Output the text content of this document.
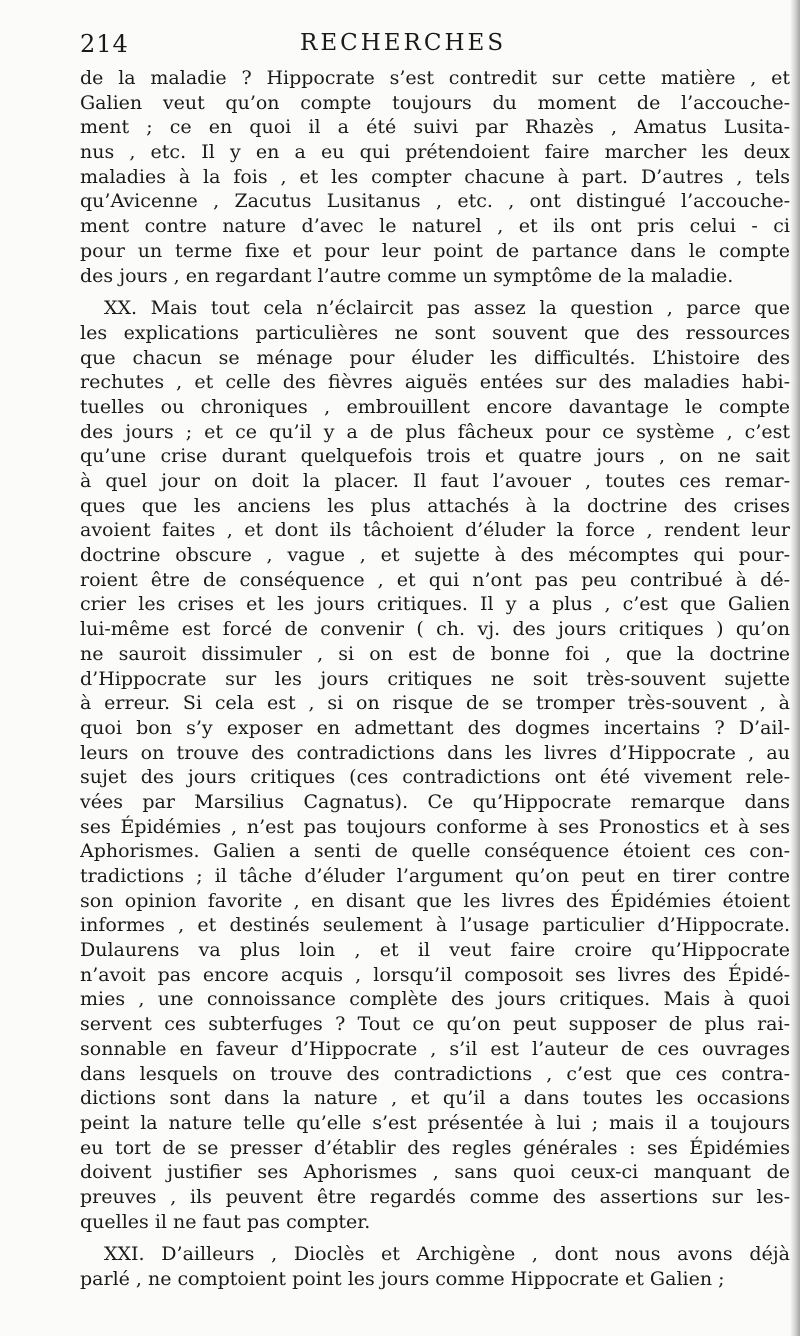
214	RECHERCHES
de la maladie ? Hippocrate s’est contredit sur cette matière , et
Galien veut qu’on compte toujours du moment de l’accouche-
ment ; ce en quoi il a été suivi par Rhazès , Amatus Lusita-
nus , etc. Il y en a eu qui prétendoient faire marcher les deux
maladies à la fois , et les compter chacune à part. D’autres , tels
qu’Avicenne , Zacutus Lusitanus , etc. , ont distingué l’accouche-
ment contre nature d’avec le naturel , et ils ont pris celui - ci
pour un terme fixe et pour leur point de partance dans le compte
des jours , en regardant l’autre comme un symptôme de la maladie.
XX. Mais tout cela n’éclaircit pas assez la question , parce que
les explications particulières ne sont souvent que des ressources
que chacun se ménage pour éluder les difficultés. L’histoire des
rechutes , et celle des fièvres aiguës entées sur des maladies habi-
tuelles ou chroniques , embrouillent encore davantage le compte
des jours ; et ce qu’il y a de plus fâcheux pour ce système , c’est
qu’une crise durant quelquefois trois et quatre jours , on ne sait
à quel jour on doit la placer. Il faut l’avouer , toutes ces remar-
ques que les anciens les plus attachés à la doctrine des crises
avoient faites , et dont ils tâchoient d’éluder la force , rendent leur
doctrine obscure , vague , et sujette à des mécomptes qui pour-
roient être de conséquence , et qui n’ont pas peu contribué à dé-
crier les crises et les jours critiques. Il y a plus , c’est que Galien
lui-même est forcé de convenir ( ch. vj. des jours critiques ) qu’on
ne sauroit dissimuler , si on est de bonne foi , que la doctrine
d’Hippocrate sur les jours critiques ne soit très-souvent sujette
à erreur. Si cela est , si on risque de se tromper très-souvent , à
quoi bon s’y exposer en admettant des dogmes incertains ? D’ail-
leurs on trouve des contradictions dans les livres d’Hippocrate , au
sujet des jours critiques (ces contradictions ont été vivement rele-
vées par Marsilius Cagnatus). Ce qu’Hippocrate remarque dans
ses Épidémies , n’est pas toujours conforme à ses Pronostics et à ses
Aphorismes. Galien a senti de quelle conséquence étoient ces con-
tradictions ; il tâche d’éluder l’argument qu’on peut en tirer contre
son opinion favorite , en disant que les livres des Épidémies étoient
informes , et destinés seulement à l’usage particulier d’Hippocrate.
Dulaurens va plus loin , et il veut faire croire qu’Hippocrate
n’avoit pas encore acquis , lorsqu’il composoit ses livres des Épidé-
mies , une connoissance complète des jours critiques. Mais à quoi
servent ces subterfuges ? Tout ce qu’on peut supposer de plus rai-
sonnable en faveur d’Hippocrate , s’il est l’auteur de ces ouvrages
dans lesquels on trouve des contradictions , c’est que ces contra-
dictions sont dans la nature , et qu’il a dans toutes les occasions
peint la nature telle qu’elle s’est présentée à lui ; mais il a toujours
eu tort de se presser d’établir des regles générales : ses Épidémies
doivent justifier ses Aphorismes , sans quoi ceux-ci manquant de
preuves , ils peuvent être regardés comme des assertions sur les-
quelles il ne faut pas compter.
XXI. D’ailleurs , Dioclès et Archigène , dont nous avons déjà
parlé , ne comptoient point les jours comme Hippocrate et Galien ;
